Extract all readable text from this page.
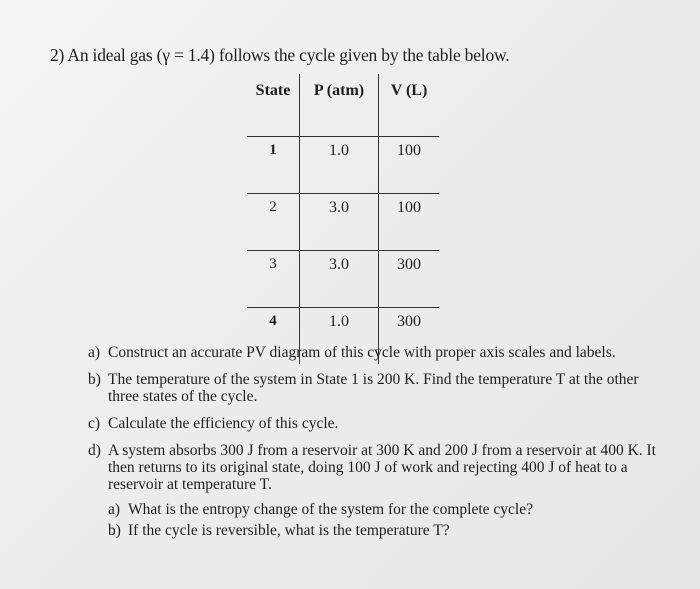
2) An ideal gas (γ = 1.4) follows the cycle given by the table below.
State	P (atm)	V (L)
1	1.0	100
2	3.0	100
3	3.0	300
4	1.0	300
a) Construct an accurate PV diagram of this cycle with proper axis scales and labels.
b) The temperature of the system in State 1 is 200 K. Find the temperature T at the other three states of the cycle.
c) Calculate the efficiency of this cycle.
d) A system absorbs 300 J from a reservoir at 300 K and 200 J from a reservoir at 400 K. It then returns to its original state, doing 100 J of work and rejecting 400 J of heat to a reservoir at temperature T.
a) What is the entropy change of the system for the complete cycle?
b) If the cycle is reversible, what is the temperature T?
